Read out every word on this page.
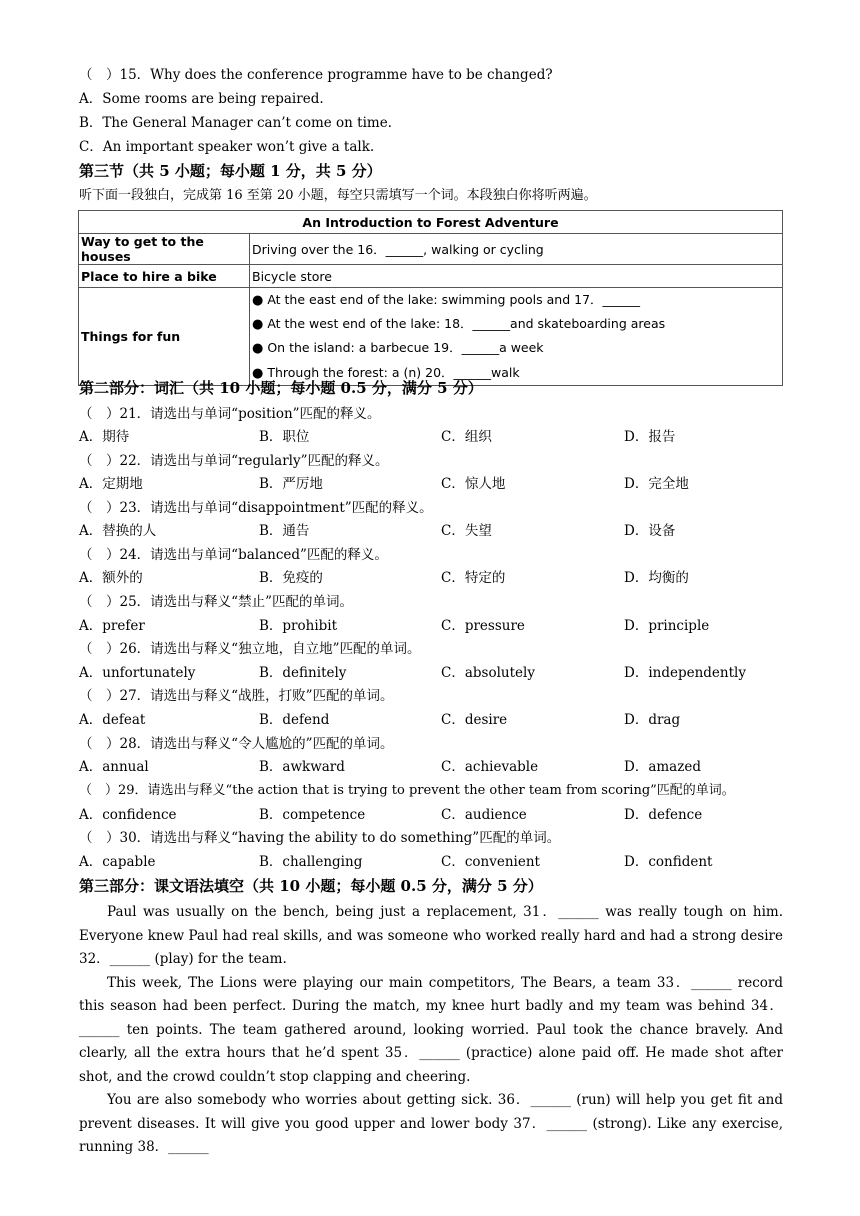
（　）15．Why does the conference programme have to be changed?
A．Some rooms are being repaired.
B．The General Manager can’t come on time.
C．An important speaker won’t give a talk.
第三节（共 5 小题；每小题 1 分，共 5 分）
听下面一段独白，完成第 16 至第 20 小题，每空只需填写一个词。本段独白你将听两遍。
An Introduction to Forest Adventure	
Way to get to the houses	Driving over the 16．______, walking or cycling
Place to hire a bike	Bicycle store
Things for fun	● At the east end of the lake: swimming pools and 17．______
● At the west end of the lake: 18．______and skateboarding areas
● On the island: a barbecue 19．______a week
● Through the forest: a (n) 20．______walk
第二部分：词汇（共 10 小题；每小题 0.5 分，满分 5 分）
（　）21．请选出与单词“position”匹配的释义。
A．期待	B．职位	C．组织	D．报告
（　）22．请选出与单词“regularly”匹配的释义。
A．定期地	B．严厉地	C．惊人地	D．完全地
（　）23．请选出与单词“disappointment”匹配的释义。
A．替换的人	B．通告	C．失望	D．设备
（　）24．请选出与单词“balanced”匹配的释义。
A．额外的	B．免疫的	C．特定的	D．均衡的
（　）25．请选出与释义“禁止”匹配的单词。
A．prefer	B．prohibit	C．pressure	D．principle
（　）26．请选出与释义“独立地，自立地”匹配的单词。
A．unfortunately	B．definitely	C．absolutely	D．independently
（　）27．请选出与释义“战胜，打败”匹配的单词。
A．defeat	B．defend	C．desire	D．drag
（　）28．请选出与释义“令人尴尬的”匹配的单词。
A．annual	B．awkward	C．achievable	D．amazed
（　）29．请选出与释义“the action that is trying to prevent the other team from scoring”匹配的单词。
A．confidence	B．competence	C．audience	D．defence
（　）30．请选出与释义“having the ability to do something”匹配的单词。
A．capable	B．challenging	C．convenient	D．confident
第三部分：课文语法填空（共 10 小题；每小题 0.5 分，满分 5 分）

Paul was usually on the bench, being just a replacement, 31．______ was really tough on him. Everyone knew Paul had real skills, and was someone who worked really hard and had a strong desire 32．______ (play) for the team.

This week, The Lions were playing our main competitors, The Bears, a team 33．______ record this season had been perfect. During the match, my knee hurt badly and my team was behind 34．______ ten points. The team gathered around, looking worried. Paul took the chance bravely. And clearly, all the extra hours that he’d spent 35．______ (practice) alone paid off. He made shot after shot, and the crowd couldn’t stop clapping and cheering.

You are also somebody who worries about getting sick. 36．______ (run) will help you get fit and prevent diseases. It will give you good upper and lower body 37．______ (strong). Like any exercise, running 38．______
